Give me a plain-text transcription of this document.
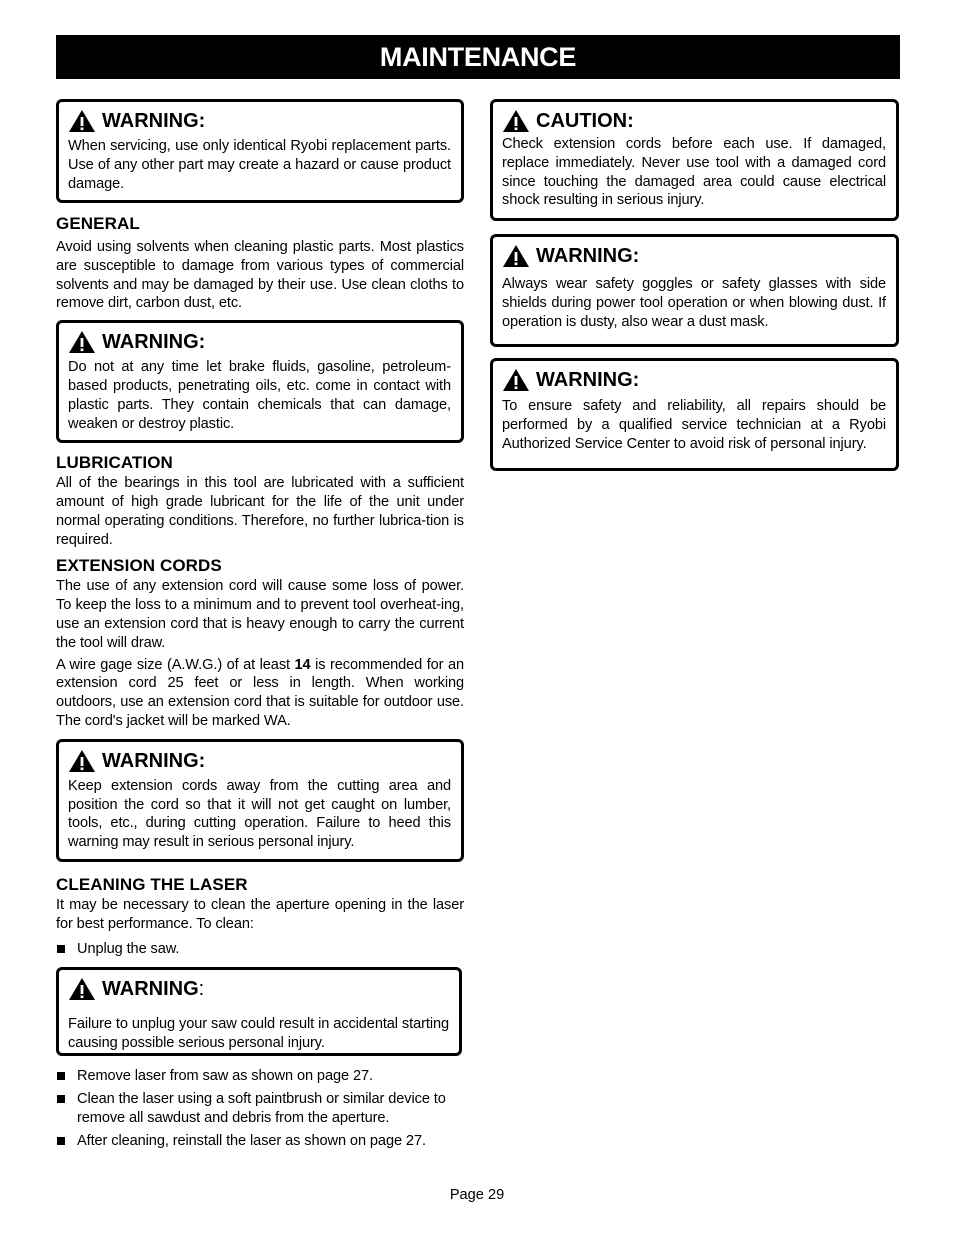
MAINTENANCE
WARNING:
When servicing, use only identical Ryobi replacement parts. Use of any other part may create a hazard or cause product damage.
GENERAL
Avoid using solvents when cleaning plastic parts. Most plastics are susceptible to damage from various types of commercial solvents and may be damaged by their use. Use clean cloths to remove dirt, carbon dust, etc.
WARNING:
Do not at any time let brake fluids, gasoline, petroleum-based products, penetrating oils, etc. come in contact with plastic parts. They contain chemicals that can damage, weaken or destroy plastic.
LUBRICATION
All of the bearings in this tool are lubricated with a sufficient amount of high grade lubricant for the life of the unit under normal operating conditions. Therefore, no further lubrica-tion is required.
EXTENSION CORDS
The use of any extension cord will cause some loss of power. To keep the loss to a minimum and to prevent tool overheat-ing, use an extension cord that is heavy enough to carry the current the tool will draw.
A wire gage size (A.W.G.) of at least 14 is recommended for an extension cord 25 feet or less in length. When working outdoors, use an extension cord that is suitable for outdoor use. The cord's jacket will be marked WA.
WARNING:
Keep extension cords away from the cutting area and position the cord so that it will not get caught on lumber, tools, etc., during cutting operation. Failure to heed this warning may result in serious personal injury.
CLEANING THE LASER
It may be necessary to clean the aperture opening in the laser for best performance. To clean:
Unplug the saw.
WARNING:
Failure to unplug your saw could result in accidental starting causing possible serious personal injury.
Remove laser from saw as shown on page 27.
Clean the laser using a soft paintbrush or similar device to remove all sawdust and debris from the aperture.
After cleaning, reinstall the laser as shown on page 27.
CAUTION:
Check extension cords before each use. If damaged, replace immediately. Never use tool with a damaged cord since touching the damaged area could cause electrical shock resulting in serious injury.
WARNING:
Always wear safety goggles or safety glasses with side shields during power tool operation or when blowing dust. If operation is dusty, also wear a dust mask.
WARNING:
To ensure safety and reliability, all repairs should be performed by a qualified service technician at a Ryobi Authorized Service Center to avoid risk of personal injury.
Page 29
